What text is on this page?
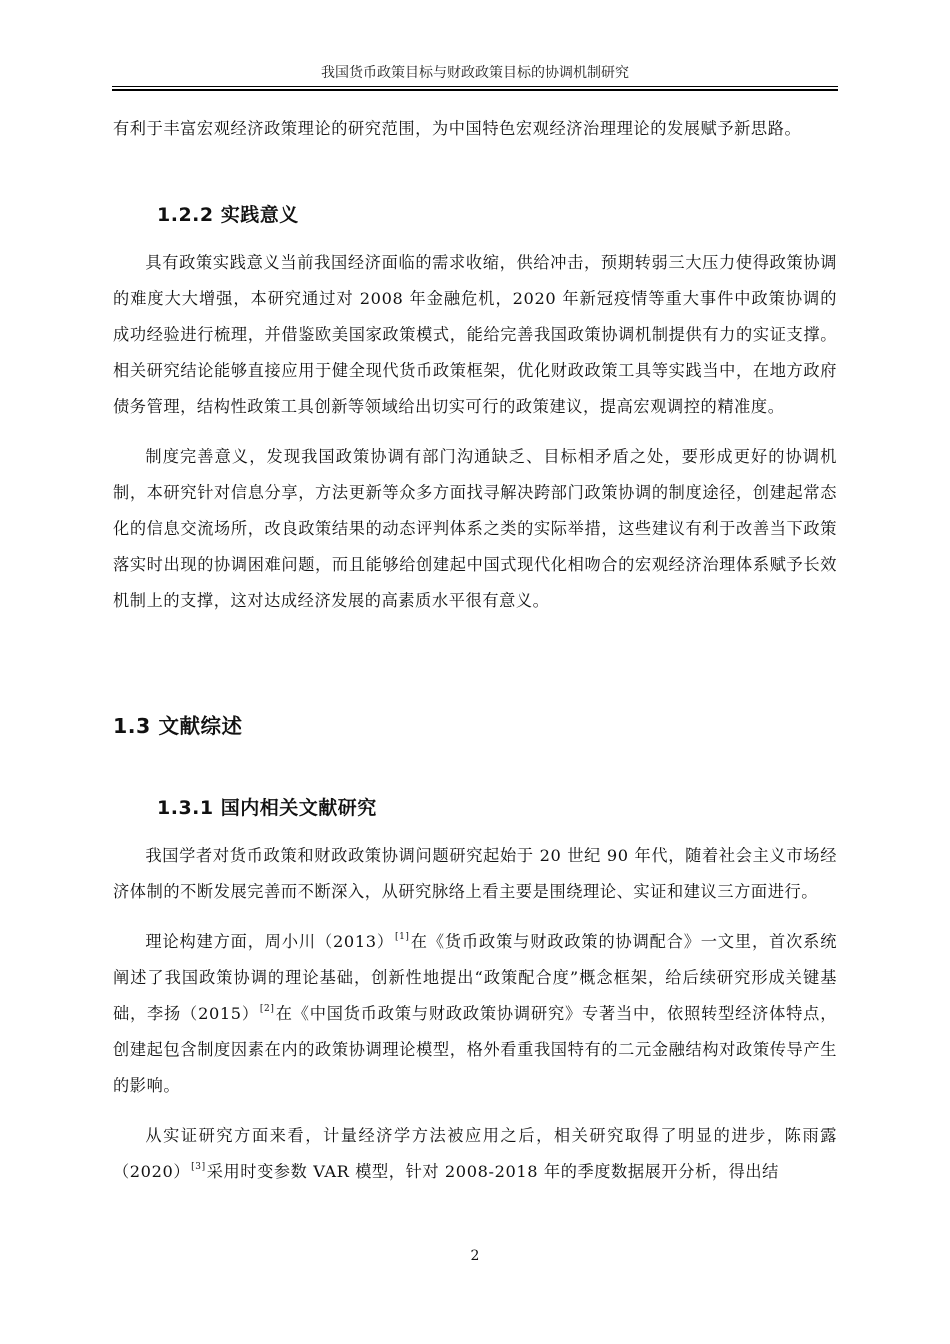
我国货币政策目标与财政政策目标的协调机制研究

有利于丰富宏观经济政策理论的研究范围，为中国特色宏观经济治理理论的发展赋予新思路。

1.2.2 实践意义

具有政策实践意义当前我国经济面临的需求收缩，供给冲击，预期转弱三大压力使得政策协调的难度大大增强，本研究通过对 2008 年金融危机，2020 年新冠疫情等重大事件中政策协调的成功经验进行梳理，并借鉴欧美国家政策模式，能给完善我国政策协调机制提供有力的实证支撑。相关研究结论能够直接应用于健全现代货币政策框架，优化财政政策工具等实践当中，在地方政府债务管理，结构性政策工具创新等领域给出切实可行的政策建议，提高宏观调控的精准度。

制度完善意义，发现我国政策协调有部门沟通缺乏、目标相矛盾之处，要形成更好的协调机制，本研究针对信息分享，方法更新等众多方面找寻解决跨部门政策协调的制度途径，创建起常态化的信息交流场所，改良政策结果的动态评判体系之类的实际举措，这些建议有利于改善当下政策落实时出现的协调困难问题，而且能够给创建起中国式现代化相吻合的宏观经济治理体系赋予长效机制上的支撑，这对达成经济发展的高素质水平很有意义。

1.3 文献综述
1.3.1 国内相关文献研究

我国学者对货币政策和财政政策协调问题研究起始于 20 世纪 90 年代，随着社会主义市场经济体制的不断发展完善而不断深入，从研究脉络上看主要是围绕理论、实证和建议三方面进行。

理论构建方面，周小川（2013）[1]在《货币政策与财政政策的协调配合》一文里，首次系统阐述了我国政策协调的理论基础，创新性地提出“政策配合度”概念框架，给后续研究形成关键基础，李扬（2015）[2]在《中国货币政策与财政政策协调研究》专著当中，依照转型经济体特点，创建起包含制度因素在内的政策协调理论模型，格外看重我国特有的二元金融结构对政策传导产生的影响。

从实证研究方面来看，计量经济学方法被应用之后，相关研究取得了明显的进步，陈雨露（2020）[3]采用时变参数 VAR 模型，针对 2008-2018 年的季度数据展开分析，得出结

2
